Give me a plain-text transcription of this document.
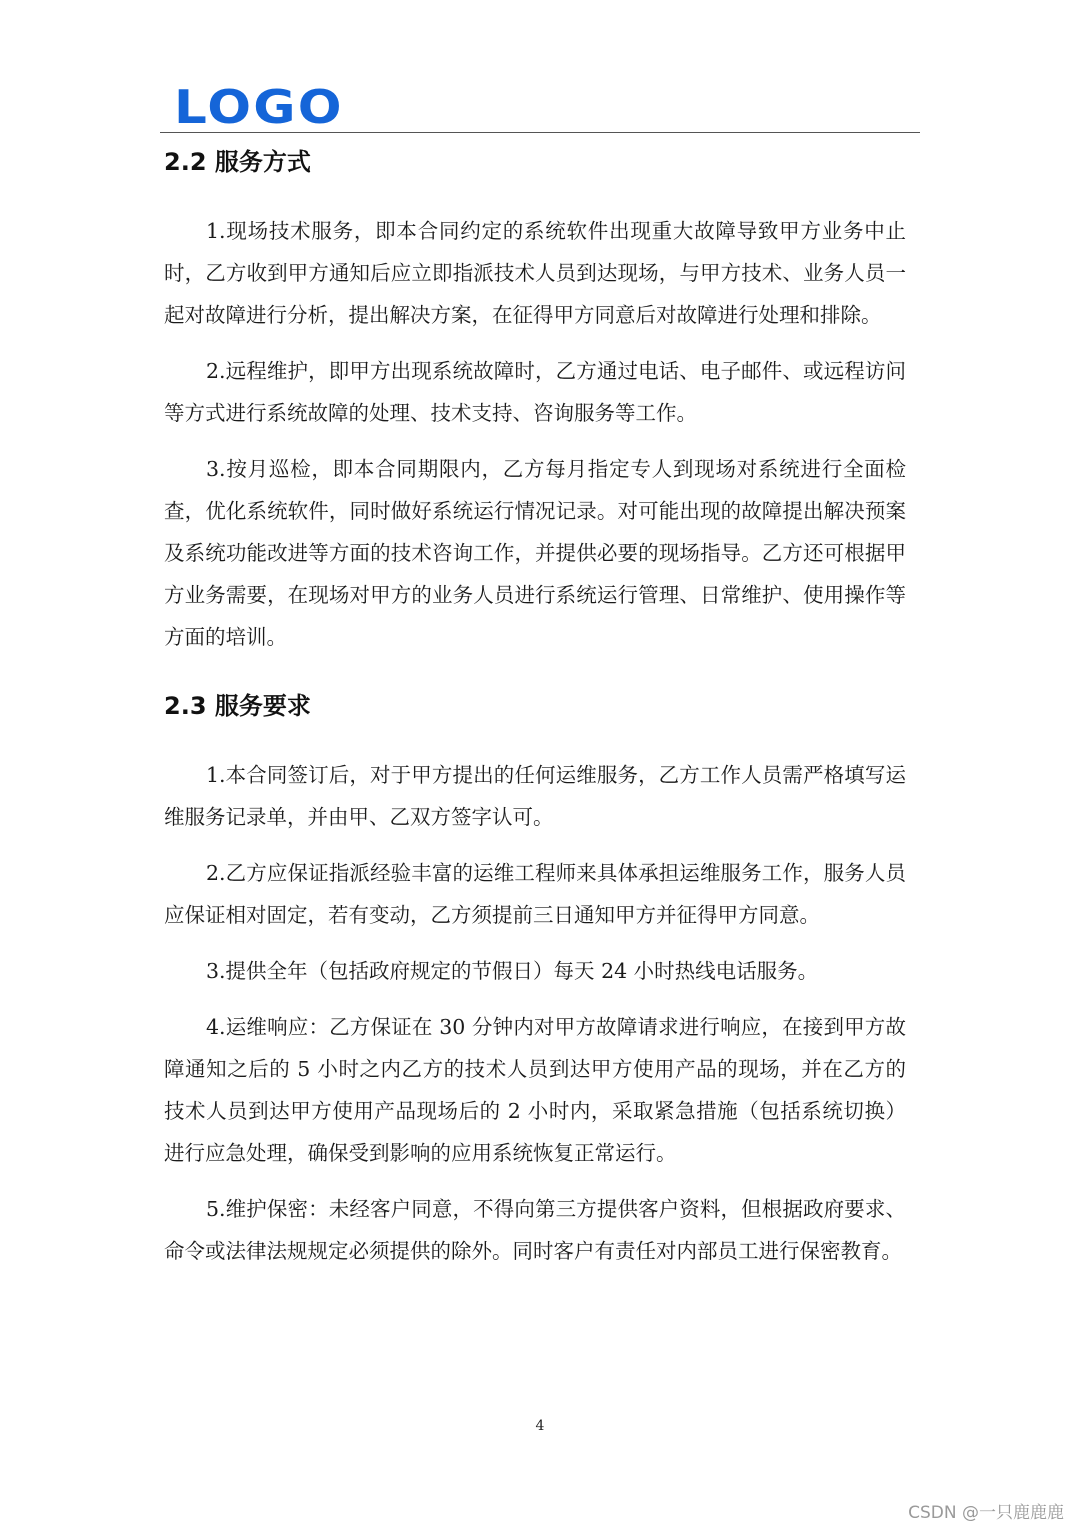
LOGO
2.2 服务方式

1.现场技术服务，即本合同约定的系统软件出现重大故障导致甲方业务中止时，乙方收到甲方通知后应立即指派技术人员到达现场，与甲方技术、业务人员一起对故障进行分析，提出解决方案，在征得甲方同意后对故障进行处理和排除。

2.远程维护，即甲方出现系统故障时，乙方通过电话、电子邮件、或远程访问等方式进行系统故障的处理、技术支持、咨询服务等工作。

3.按月巡检，即本合同期限内，乙方每月指定专人到现场对系统进行全面检查，优化系统软件，同时做好系统运行情况记录。对可能出现的故障提出解决预案及系统功能改进等方面的技术咨询工作，并提供必要的现场指导。乙方还可根据甲方业务需要，在现场对甲方的业务人员进行系统运行管理、日常维护、使用操作等方面的培训。

2.3 服务要求

1.本合同签订后，对于甲方提出的任何运维服务，乙方工作人员需严格填写运维服务记录单，并由甲、乙双方签字认可。

2.乙方应保证指派经验丰富的运维工程师来具体承担运维服务工作，服务人员应保证相对固定，若有变动，乙方须提前三日通知甲方并征得甲方同意。

3.提供全年（包括政府规定的节假日）每天 24 小时热线电话服务。

4.运维响应：乙方保证在 30 分钟内对甲方故障请求进行响应，在接到甲方故障通知之后的 5 小时之内乙方的技术人员到达甲方使用产品的现场，并在乙方的技术人员到达甲方使用产品现场后的 2 小时内，采取紧急措施（包括系统切换）进行应急处理，确保受到影响的应用系统恢复正常运行。

5.维护保密：未经客户同意，不得向第三方提供客户资料，但根据政府要求、命令或法律法规规定必须提供的除外。同时客户有责任对内部员工进行保密教育。

4
CSDN @一只鹿鹿鹿
